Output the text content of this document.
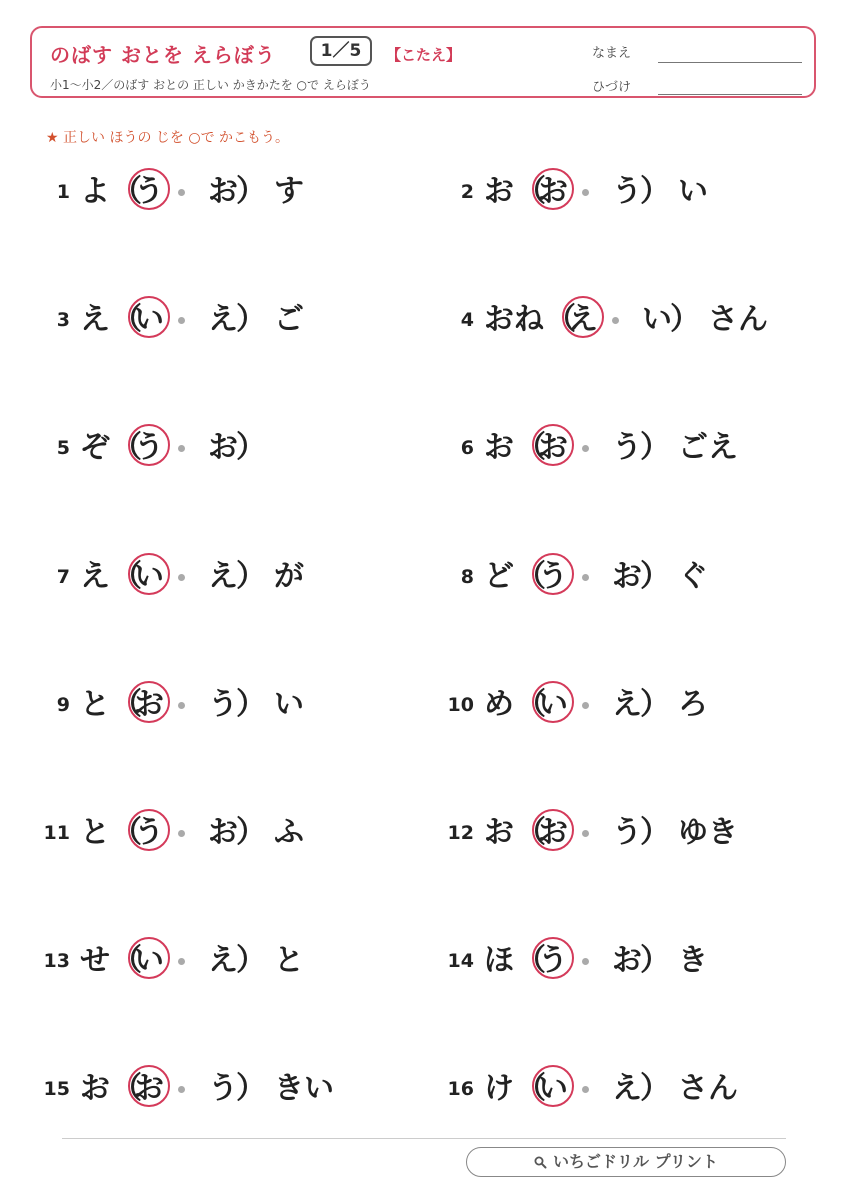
のばす おとを えらぼう	1／5	【こたえ】
小1～小2／のばす おとの 正しい かきかたを ○で えらぼう
なまえ
ひづけ
★ 正しい ほうの じを ○で かこもう。
1 よ （
う お
） す	2 お （
お う
） い
3 え （
い え
） ご	4 おね （
え い
） さん
5 ぞ （
う お
）	6 お （
お う
） ごえ
7 え （
い え
） が	8 ど （
う お
） ぐ
9 と （
お う
） い	10 め （
い え
） ろ
11 と （
う お
） ふ	12 お （
お う
） ゆき
13 せ （
い え
） と	14 ほ （
う お
） き
15 お （
お う
） きい	16 け （
い え
） さん
いちごドリル プリント
